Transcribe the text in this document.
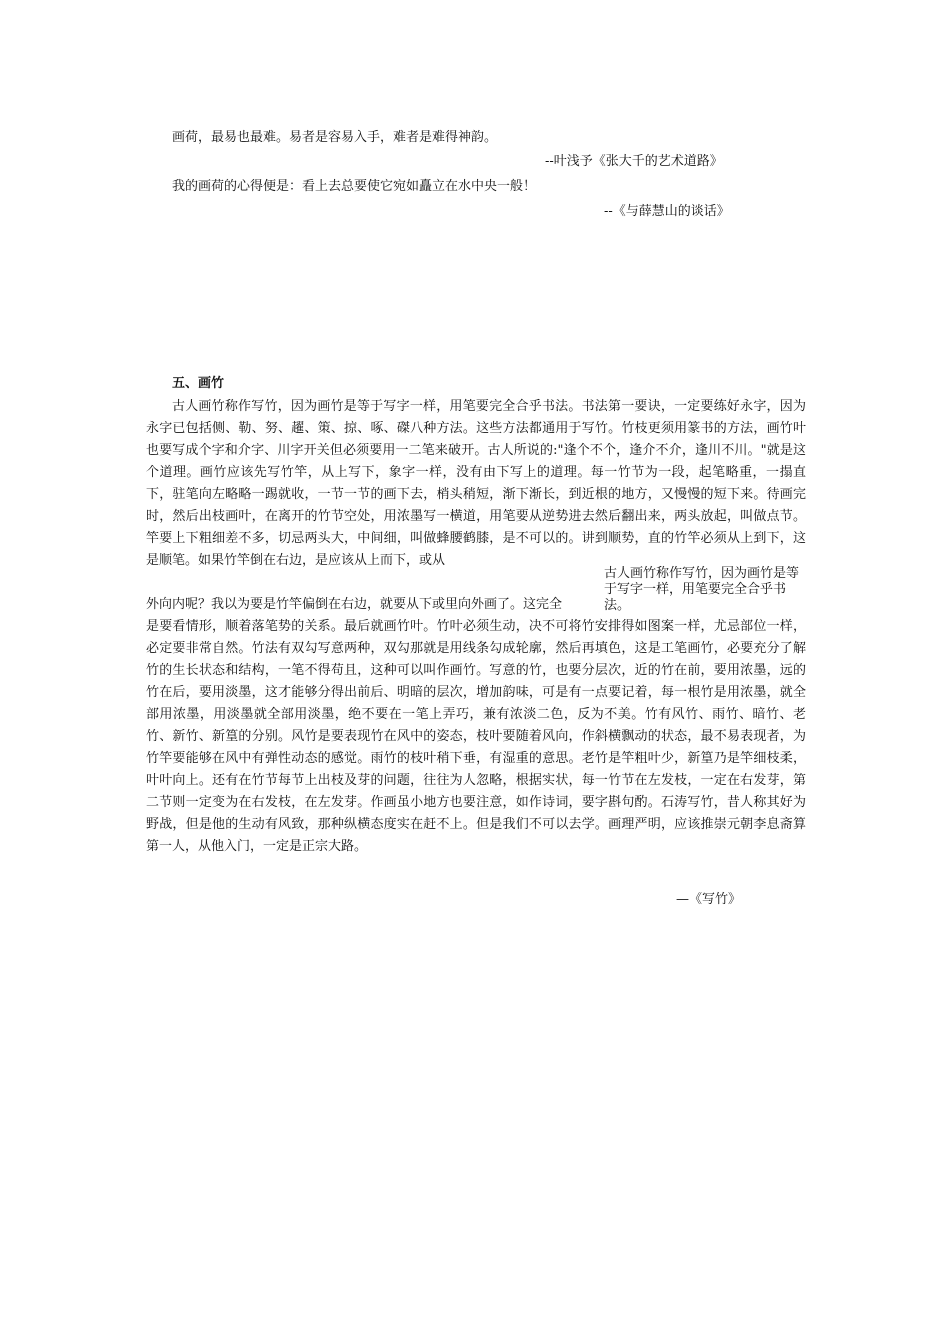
画荷，最易也最难。易者是容易入手，难者是难得神韵。
--叶浅予《张大千的艺术道路》
我的画荷的心得便是：看上去总要使它宛如矗立在水中央一般！
--《与薛慧山的谈话》
五、画竹
古人画竹称作写竹，因为画竹是等于写字一样，用笔要完全合乎书法。书法第一要诀，一定要练好永字，因为永字已包括侧、勒、努、趯、策、掠、啄、磔八种方法。这些方法都通用于写竹。竹枝更须用篆书的方法，画竹叶也要写成个字和介字、川字开关但必须要用一二笔来破开。古人所说的:"逢个不个，逢介不介，逢川不川。"就是这个道理。画竹应该先写竹竿，从上写下，象字一样，没有由下写上的道理。每一竹节为一段，起笔略重，一搨直下，驻笔向左略略一踢就收，一节一节的画下去，梢头稍短，渐下渐长，到近根的地方，又慢慢的短下来。待画完时，然后出枝画叶，在离开的竹节空处，用浓墨写一横道，用笔要从逆势进去然后翻出来，两头放起，叫做点节。竿要上下粗细差不多，切忌两头大，中间细，叫做蜂腰鹤膝，是不可以的。讲到顺势，直的竹竿必须从上到下，这是顺笔。如果竹竿倒在右边，是应该从上而下，或从
外向内呢？我以为要是竹竿偏倒在右边，就要从下或里向外画了。这完全
古人画竹称作写竹，因为画竹是等于写字一样，用笔要完全合乎书法。
是要看情形，顺着落笔势的关系。最后就画竹叶。竹叶必须生动，决不可将竹安排得如图案一样，尤忌部位一样，必定要非常自然。竹法有双勾写意两种，双勾那就是用线条勾成轮廓，然后再填色，这是工笔画竹，必要充分了解竹的生长状态和结构，一笔不得苟且，这种可以叫作画竹。写意的竹，也要分层次，近的竹在前，要用浓墨，远的竹在后，要用淡墨，这才能够分得出前后、明暗的层次，增加韵味，可是有一点要记着，每一根竹是用浓墨，就全部用浓墨，用淡墨就全部用淡墨，绝不要在一笔上弄巧，兼有浓淡二色，反为不美。竹有风竹、雨竹、暗竹、老竹、新竹、新篁的分别。风竹是要表现竹在风中的姿态，枝叶要随着风向，作斜横飘动的状态，最不易表现者，为竹竿要能够在风中有弹性动态的感觉。雨竹的枝叶稍下垂，有湿重的意思。老竹是竿粗叶少，新篁乃是竿细枝柔，叶叶向上。还有在竹节每节上出枝及芽的问题，往往为人忽略，根据实状，每一竹节在左发枝，一定在右发芽，第二节则一定变为在右发枝，在左发芽。作画虽小地方也要注意，如作诗词，要字斟句酌。石涛写竹，昔人称其好为野战，但是他的生动有风致，那种纵横态度实在赶不上。但是我们不可以去学。画理严明，应该推崇元朝李息斋算第一人，从他入门，一定是正宗大路。
—《写竹》
